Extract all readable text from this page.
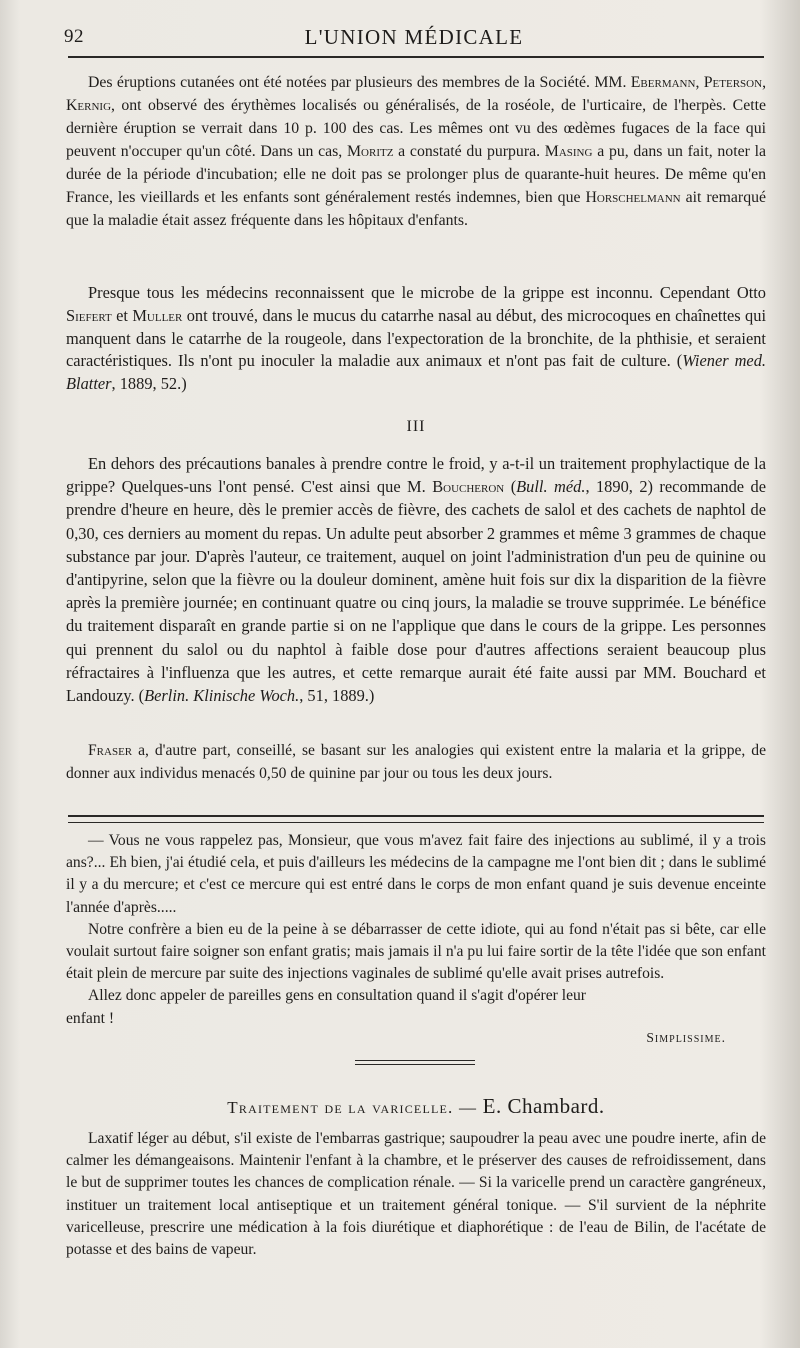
92	L'UNION MÉDICALE

Des éruptions cutanées ont été notées par plusieurs des membres de la Société. MM. Ebermann, Peterson, Kernig, ont observé des érythèmes localisés ou généralisés, de la roséole, de l'urticaire, de l'herpès. Cette dernière éruption se verrait dans 10 p. 100 des cas. Les mêmes ont vu des œdèmes fugaces de la face qui peuvent n'occuper qu'un côté. Dans un cas, Moritz a constaté du purpura. Masing a pu, dans un fait, noter la durée de la période d'incubation; elle ne doit pas se prolonger plus de quarante-huit heures. De même qu'en France, les vieillards et les enfants sont généralement restés indemnes, bien que Horschelmann ait remarqué que la maladie était assez fréquente dans les hôpitaux d'enfants.

Presque tous les médecins reconnaissent que le microbe de la grippe est inconnu. Cependant Otto Siefert et Muller ont trouvé, dans le mucus du catarrhe nasal au début, des microcoques en chaînettes qui manquent dans le catarrhe de la rougeole, dans l'expectoration de la bronchite, de la phthisie, et seraient caractéristiques. Ils n'ont pu inoculer la maladie aux animaux et n'ont pas fait de culture. (Wiener med. Blatter, 1889, 52.)

III

En dehors des précautions banales à prendre contre le froid, y a-t-il un traitement prophylactique de la grippe? Quelques-uns l'ont pensé. C'est ainsi que M. Boucheron (Bull. méd., 1890, 2) recommande de prendre d'heure en heure, dès le premier accès de fièvre, des cachets de salol et des cachets de naphtol de 0,30, ces derniers au moment du repas. Un adulte peut absorber 2 grammes et même 3 grammes de chaque substance par jour. D'après l'auteur, ce traitement, auquel on joint l'administration d'un peu de quinine ou d'antipyrine, selon que la fièvre ou la douleur dominent, amène huit fois sur dix la disparition de la fièvre après la première journée; en continuant quatre ou cinq jours, la maladie se trouve supprimée. Le bénéfice du traitement disparaît en grande partie si on ne l'applique que dans le cours de la grippe. Les personnes qui prennent du salol ou du naphtol à faible dose pour d'autres affections seraient beaucoup plus réfractaires à l'influenza que les autres, et cette remarque aurait été faite aussi par MM. Bouchard et Landouzy. (Berlin. Klinische Woch., 51, 1889.)

Fraser a, d'autre part, conseillé, se basant sur les analogies qui existent entre la malaria et la grippe, de donner aux individus menacés 0,50 de quinine par jour ou tous les deux jours.

— Vous ne vous rappelez pas, Monsieur, que vous m'avez fait faire des injections au sublimé, il y a trois ans?... Eh bien, j'ai étudié cela, et puis d'ailleurs les médecins de la campagne me l'ont bien dit ; dans le sublimé il y a du mercure; et c'est ce mercure qui est entré dans le corps de mon enfant quand je suis devenue enceinte l'année d'après.....

Notre confrère a bien eu de la peine à se débarrasser de cette idiote, qui au fond n'était pas si bête, car elle voulait surtout faire soigner son enfant gratis; mais jamais il n'a pu lui faire sortir de la tête l'idée que son enfant était plein de mercure par suite des injections vaginales de sublimé qu'elle avait prises autrefois.

Allez donc appeler de pareilles gens en consultation quand il s'agit d'opérer leur enfant !

Simplissime.
Traitement de la varicelle. — E. Chambard.

Laxatif léger au début, s'il existe de l'embarras gastrique; saupoudrer la peau avec une poudre inerte, afin de calmer les démangeaisons. Maintenir l'enfant à la chambre, et le préserver des causes de refroidissement, dans le but de supprimer toutes les chances de complication rénale. — Si la varicelle prend un caractère gangréneux, instituer un traitement local antiseptique et un traitement général tonique. — S'il survient de la néphrite varicelleuse, prescrire une médication à la fois diurétique et diaphorétique : de l'eau de Bilin, de l'acétate de potasse et des bains de vapeur.
